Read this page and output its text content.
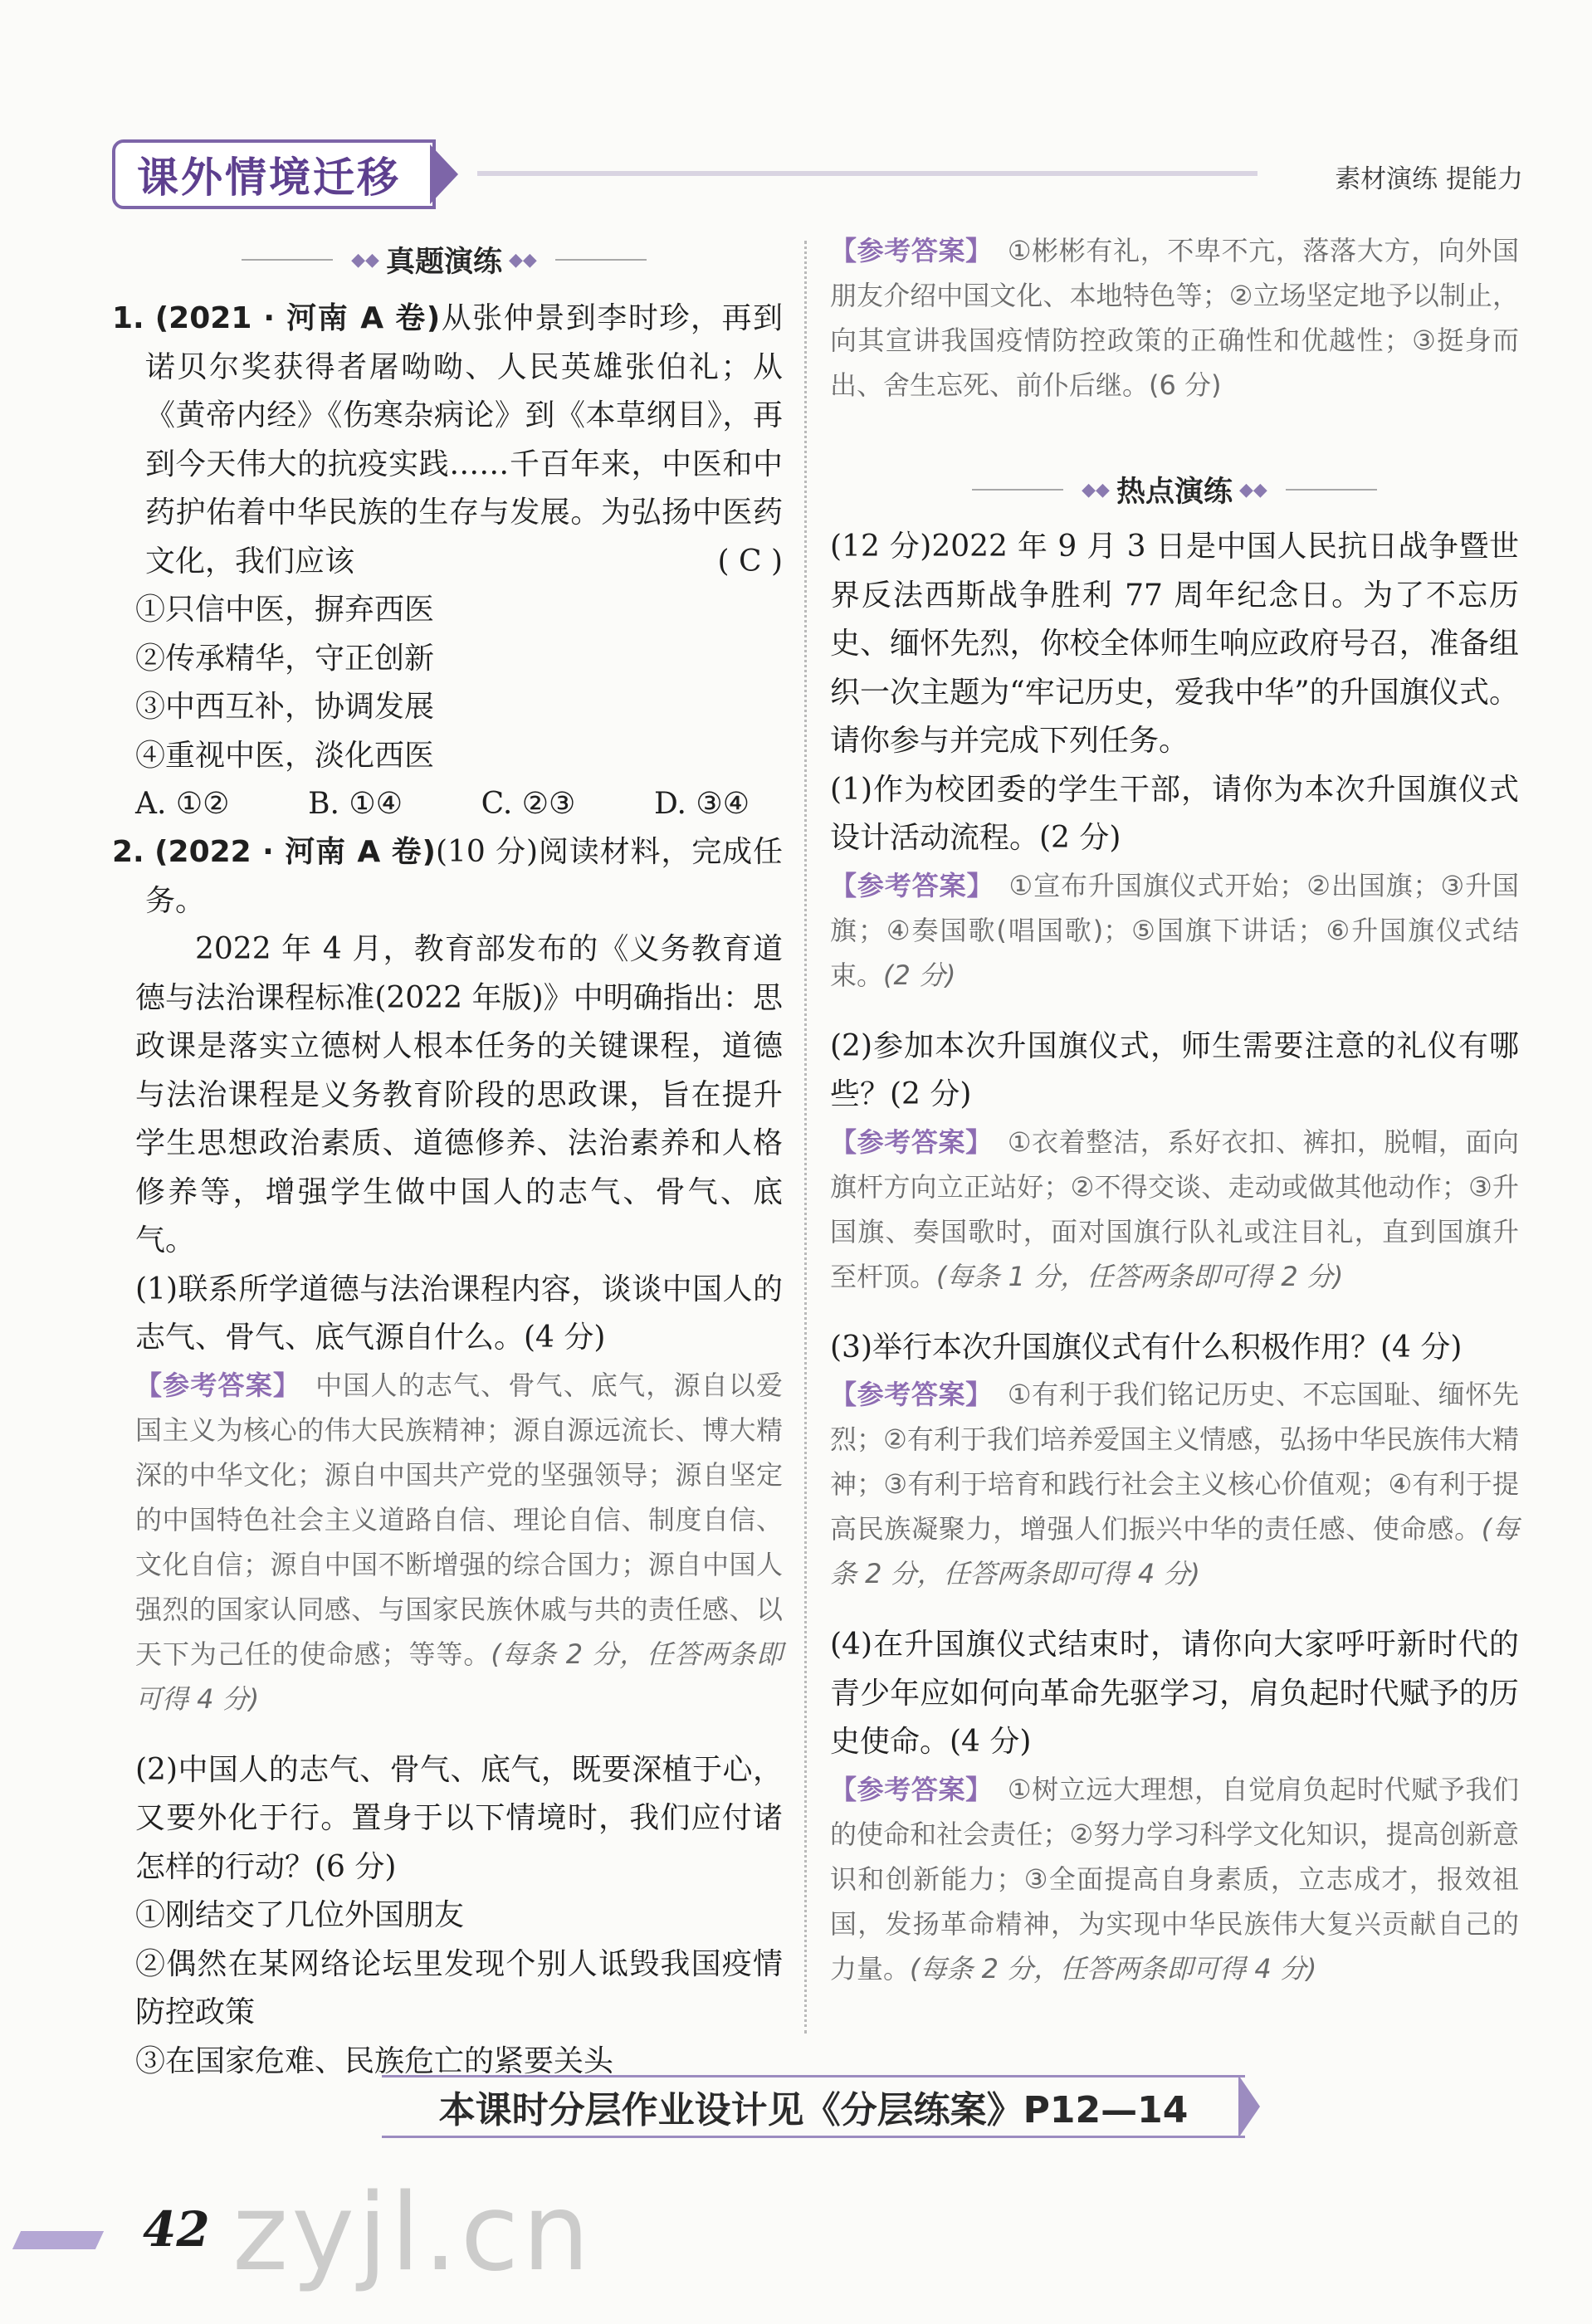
课外情境迁移	素材演练 提能力
◆◆ 真题演练 ◆◆

1. (2021 · 河南 A 卷)从张仲景到李时珍，再到诺贝尔奖获得者屠呦呦、人民英雄张伯礼；从《黄帝内经》《伤寒杂病论》到《本草纲目》，再到今天伟大的抗疫实践……千百年来，中医和中药护佑着中华民族的生存与发展。为弘扬中医药文化，我们应该	( C )

①只信中医，摒弃西医

②传承精华，守正创新

③中西互补，协调发展

④重视中医，淡化西医

A. ①②	B. ①④	C. ②③	D. ③④

2. (2022 · 河南 A 卷)(10 分)阅读材料，完成任务。

2022 年 4 月，教育部发布的《义务教育道德与法治课程标准(2022 年版)》中明确指出：思政课是落实立德树人根本任务的关键课程，道德与法治课程是义务教育阶段的思政课，旨在提升学生思想政治素质、道德修养、法治素养和人格修养等，增强学生做中国人的志气、骨气、底气。

(1)联系所学道德与法治课程内容，谈谈中国人的志气、骨气、底气源自什么。(4 分)

【参考答案】 中国人的志气、骨气、底气，源自以爱国主义为核心的伟大民族精神；源自源远流长、博大精深的中华文化；源自中国共产党的坚强领导；源自坚定的中国特色社会主义道路自信、理论自信、制度自信、文化自信；源自中国不断增强的综合国力；源自中国人强烈的国家认同感、与国家民族休戚与共的责任感、以天下为己任的使命感；等等。(每条 2 分，任答两条即可得 4 分)

(2)中国人的志气、骨气、底气，既要深植于心，又要外化于行。置身于以下情境时，我们应付诸怎样的行动？(6 分)

①刚结交了几位外国朋友

②偶然在某网络论坛里发现个别人诋毁我国疫情防控政策

③在国家危难、民族危亡的紧要关头

【参考答案】 ①彬彬有礼，不卑不亢，落落大方，向外国朋友介绍中国文化、本地特色等；②立场坚定地予以制止，向其宣讲我国疫情防控政策的正确性和优越性；③挺身而出、舍生忘死、前仆后继。(6 分)

◆◆ 热点演练 ◆◆

(12 分)2022 年 9 月 3 日是中国人民抗日战争暨世界反法西斯战争胜利 77 周年纪念日。为了不忘历史、缅怀先烈，你校全体师生响应政府号召，准备组织一次主题为“牢记历史，爱我中华”的升国旗仪式。请你参与并完成下列任务。

(1)作为校团委的学生干部，请你为本次升国旗仪式设计活动流程。(2 分)

【参考答案】 ①宣布升国旗仪式开始；②出国旗；③升国旗；④奏国歌(唱国歌)；⑤国旗下讲话；⑥升国旗仪式结束。(2 分)

(2)参加本次升国旗仪式，师生需要注意的礼仪有哪些？(2 分)

【参考答案】 ①衣着整洁，系好衣扣、裤扣，脱帽，面向旗杆方向立正站好；②不得交谈、走动或做其他动作；③升国旗、奏国歌时，面对国旗行队礼或注目礼，直到国旗升至杆顶。(每条 1 分，任答两条即可得 2 分)

(3)举行本次升国旗仪式有什么积极作用？(4 分)

【参考答案】 ①有利于我们铭记历史、不忘国耻、缅怀先烈；②有利于我们培养爱国主义情感，弘扬中华民族伟大精神；③有利于培育和践行社会主义核心价值观；④有利于提高民族凝聚力，增强人们振兴中华的责任感、使命感。(每条 2 分，任答两条即可得 4 分)

(4)在升国旗仪式结束时，请你向大家呼吁新时代的青少年应如何向革命先驱学习，肩负起时代赋予的历史使命。(4 分)

【参考答案】 ①树立远大理想，自觉肩负起时代赋予我们的使命和社会责任；②努力学习科学文化知识，提高创新意识和创新能力；③全面提高自身素质，立志成才，报效祖国，发扬革命精神，为实现中华民族伟大复兴贡献自己的力量。(每条 2 分，任答两条即可得 4 分)

本课时分层作业设计见《分层练案》P12—14
42 zyjl.cn
